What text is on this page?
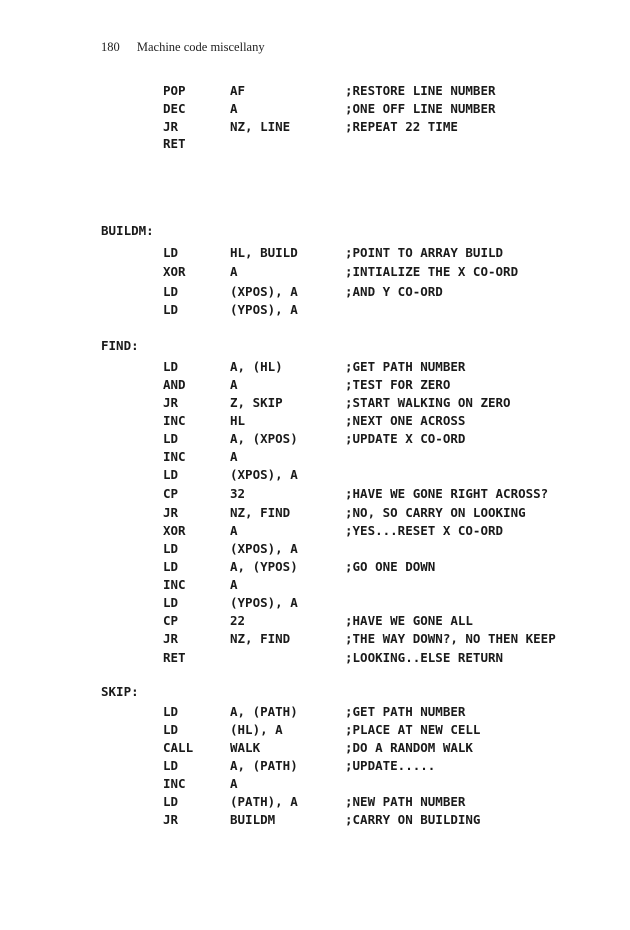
180 Machine code miscellany
POP	AF	;RESTORE LINE NUMBER
DEC	A	;ONE OFF LINE NUMBER
JR	NZ, LINE	;REPEAT 22 TIME
RET
BUILDM:
LD	HL, BUILD	;POINT TO ARRAY BUILD
XOR	A	;INTIALIZE THE X CO-ORD
LD	(XPOS), A	;AND Y CO-ORD
LD	(YPOS), A
FIND:
LD	A, (HL)	;GET PATH NUMBER
AND	A	;TEST FOR ZERO
JR	Z, SKIP	;START WALKING ON ZERO
INC	HL	;NEXT ONE ACROSS
LD	A, (XPOS)	;UPDATE X CO-ORD
INC	A
LD	(XPOS), A
CP	32	;HAVE WE GONE RIGHT ACROSS?
JR	NZ, FIND	;NO, SO CARRY ON LOOKING
XOR	A	;YES...RESET X CO-ORD
LD	(XPOS), A
LD	A, (YPOS)	;GO ONE DOWN
INC	A
LD	(YPOS), A
CP	22	;HAVE WE GONE ALL
JR	NZ, FIND	;THE WAY DOWN?, NO THEN KEEP
RET	;LOOKING..ELSE RETURN
SKIP:
LD	A, (PATH)	;GET PATH NUMBER
LD	(HL), A	;PLACE AT NEW CELL
CALL	WALK	;DO A RANDOM WALK
LD	A, (PATH)	;UPDATE.....
INC	A
LD	(PATH), A	;NEW PATH NUMBER
JR	BUILDM	;CARRY ON BUILDING
